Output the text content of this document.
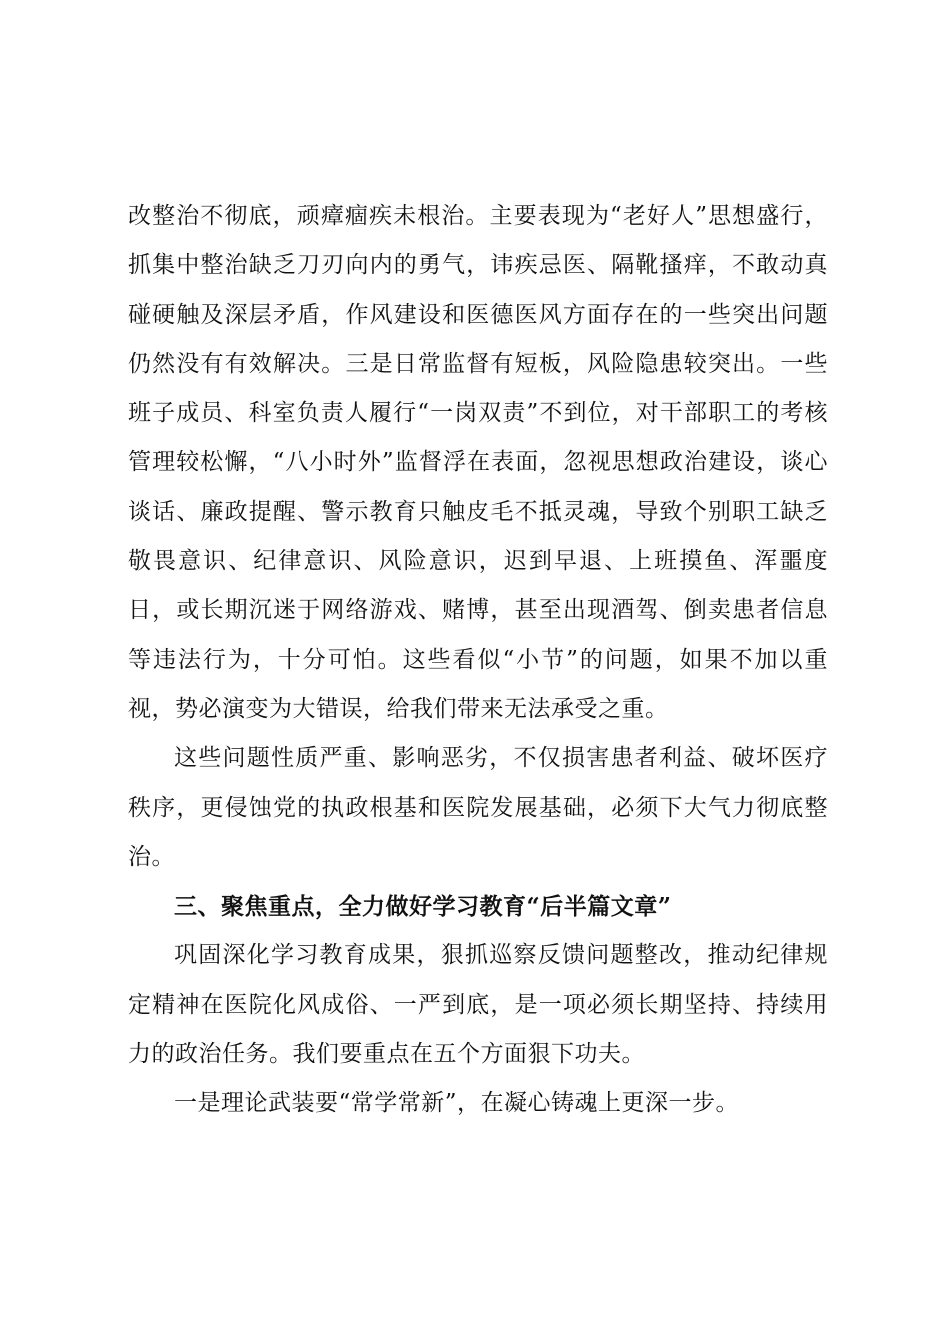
改整治不彻底，顽瘴痼疾未根治。主要表现为“老好人”思想盛行，抓集中整治缺乏刀刃向内的勇气，讳疾忌医、隔靴搔痒，不敢动真碰硬触及深层矛盾，作风建设和医德医风方面存在的一些突出问题仍然没有有效解决。三是日常监督有短板，风险隐患较突出。一些班子成员、科室负责人履行“一岗双责”不到位，对干部职工的考核管理较松懈，“八小时外”监督浮在表面，忽视思想政治建设，谈心谈话、廉政提醒、警示教育只触皮毛不抵灵魂，导致个别职工缺乏敬畏意识、纪律意识、风险意识，迟到早退、上班摸鱼、浑噩度日，或长期沉迷于网络游戏、赌博，甚至出现酒驾、倒卖患者信息等违法行为，十分可怕。这些看似“小节”的问题，如果不加以重视，势必演变为大错误，给我们带来无法承受之重。

这些问题性质严重、影响恶劣，不仅损害患者利益、破坏医疗秩序，更侵蚀党的执政根基和医院发展基础，必须下大气力彻底整治。

三、聚焦重点，全力做好学习教育“后半篇文章”

巩固深化学习教育成果，狠抓巡察反馈问题整改，推动纪律规定精神在医院化风成俗、一严到底，是一项必须长期坚持、持续用力的政治任务。我们要重点在五个方面狠下功夫。

一是理论武装要“常学常新”，在凝心铸魂上更深一步。
